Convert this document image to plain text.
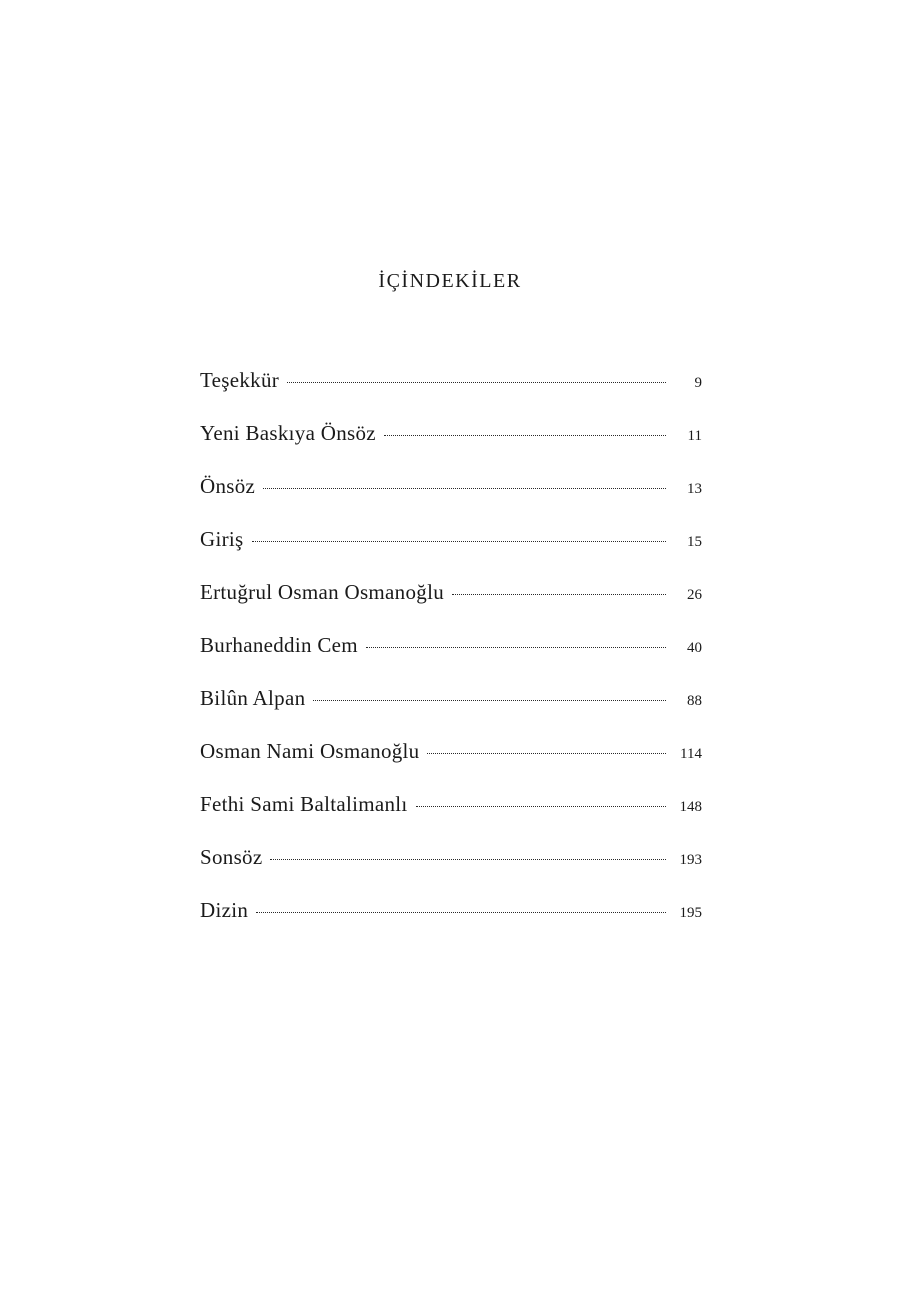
İÇİNDEKİLER
Teşekkür	9
Yeni Baskıya Önsöz	11
Önsöz	13
Giriş	15
Ertuğrul Osman Osmanoğlu	26
Burhaneddin Cem	40
Bilûn Alpan	88
Osman Nami Osmanoğlu	114
Fethi Sami Baltalimanlı	148
Sonsöz	193
Dizin	195
